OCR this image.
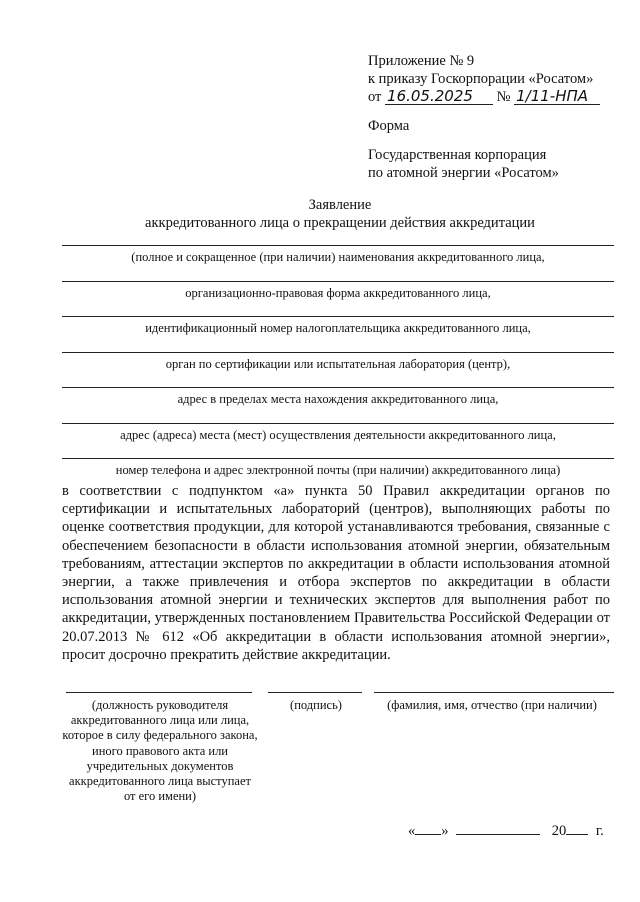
Приложение № 9
к приказу Госкорпорации «Росатом»
от 16.05.2025 № 1/11-НПА
Форма
Государственная корпорация
по атомной энергии «Росатом»
Заявление
аккредитованного лица о прекращении действия аккредитации
(полное и сокращенное (при наличии) наименования аккредитованного лица,
организационно-правовая форма аккредитованного лица,
идентификационный номер налогоплательщика аккредитованного лица,
орган по сертификации или испытательная лаборатория (центр),
адрес в пределах места нахождения аккредитованного лица,
адрес (адреса) места (мест) осуществления деятельности аккредитованного лица,
номер телефона и адрес электронной почты (при наличии) аккредитованного лица)
в соответствии с подпунктом «а» пункта 50 Правил аккредитации органов по сертификации и испытательных лабораторий (центров), выполняющих работы по оценке соответствия продукции, для которой устанавливаются требования, связанные с обеспечением безопасности в области использования атомной энергии, обязательным требованиям, аттестации экспертов по аккредитации в области использования атомной энергии, а также привлечения и отбора экспертов по аккредитации в области использования атомной энергии и технических экспертов для выполнения работ по аккредитации, утвержденных постановлением Правительства Российской Федерации от 20.07.2013 № 612 «Об аккредитации в области использования атомной энергии», просит досрочно прекратить действие аккредитации.
(должность руководителя аккредитованного лица или лица, которое в силу федерального закона, иного правового акта или учредительных документов аккредитованного лица выступает от его имени)
(подпись)	(фамилия, имя, отчество (при наличии)
« »	20 г.
